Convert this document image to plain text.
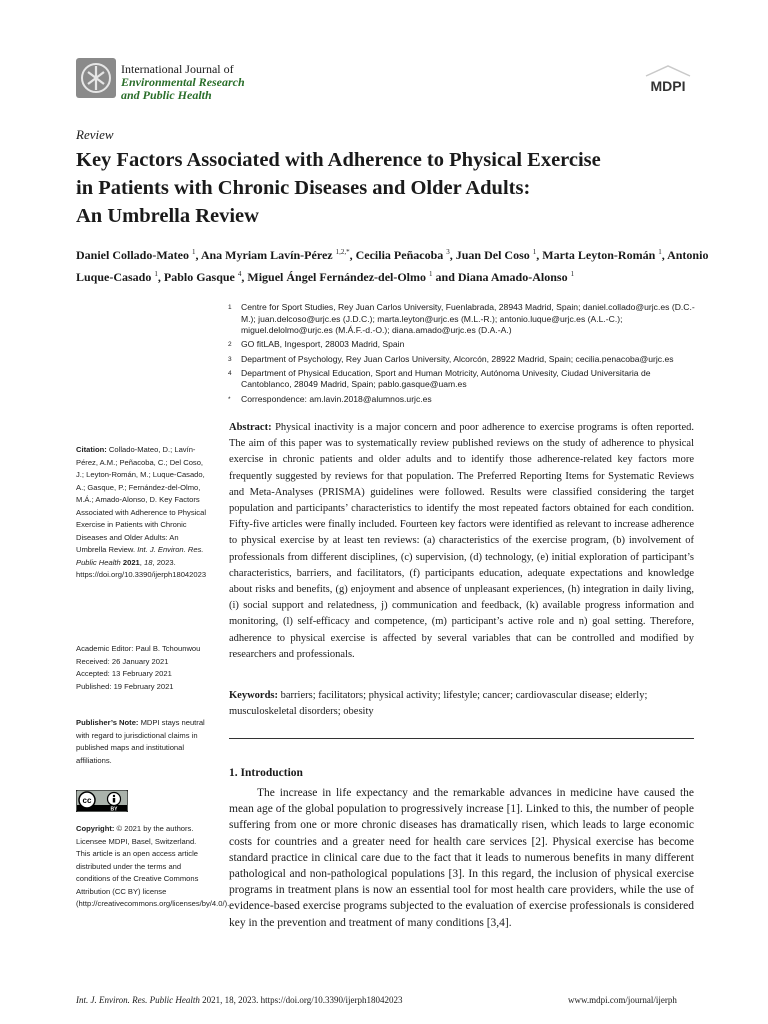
International Journal of
Environmental Research
and Public Health
MDPI
Review
Key Factors Associated with Adherence to Physical Exercise
in Patients with Chronic Diseases and Older Adults:
An Umbrella Review
Daniel Collado-Mateo $^1$, Ana Myriam Lavín-Pérez $^{1,2,*}$, Cecilia Peñacoba $^3$, Juan Del Coso $^1$, Marta Leyton-Román $^1$, Antonio Luque-Casado $^1$, Pablo Gasque $^4$, Miguel Ángel Fernández-del-Olmo $^1$ and Diana Amado-Alonso $^1$
1	Centre for Sport Studies, Rey Juan Carlos University, Fuenlabrada, 28943 Madrid, Spain; daniel.collado@urjc.es (D.C.-M.); juan.delcoso@urjc.es (J.D.C.); marta.leyton@urjc.es (M.L.-R.); antonio.luque@urjc.es (A.L.-C.); miguel.delolmo@urjc.es (M.Á.F.-d.-O.); diana.amado@urjc.es (D.A.-A.)
2	GO fitLAB, Ingesport, 28003 Madrid, Spain
3	Department of Psychology, Rey Juan Carlos University, Alcorcón, 28922 Madrid, Spain; cecilia.penacoba@urjc.es
4	Department of Physical Education, Sport and Human Motricity, Autónoma Univesity, Ciudad Universitaria de Cantoblanco, 28049 Madrid, Spain; pablo.gasque@uam.es
*	Correspondence: am.lavin.2018@alumnos.urjc.es
Abstract: Physical inactivity is a major concern and poor adherence to exercise programs is often reported. The aim of this paper was to systematically review published reviews on the study of adherence to physical exercise in chronic patients and older adults and to identify those adherence-related key factors more frequently suggested by reviews for that population. The Preferred Reporting Items for Systematic Reviews and Meta-Analyses (PRISMA) guidelines were followed. Results were classified considering the target population and participants’ characteristics to identify the most repeated factors obtained for each condition. Fifty-five articles were finally included. Fourteen key factors were identified as relevant to increase adherence to physical exercise by at least ten reviews: (a) characteristics of the exercise program, (b) involvement of professionals from different disciplines, (c) supervision, (d) technology, (e) initial exploration of participant’s characteristics, barriers, and facilitators, (f) participants education, adequate expectations and knowledge about risks and benefits, (g) enjoyment and absence of unpleasant experiences, (h) integration in daily living, (i) social support and relatedness, j) communication and feedback, (k) available progress information and monitoring, (l) self-efficacy and competence, (m) participant’s active role and n) goal setting. Therefore, adherence to physical exercise is affected by several variables that can be controlled and modified by researchers and professionals.
Keywords: barriers; facilitators; physical activity; lifestyle; cancer; cardiovascular disease; elderly; musculoskeletal disorders; obesity
1. Introduction
The increase in life expectancy and the remarkable advances in medicine have caused the mean age of the global population to progressively increase [1]. Linked to this, the number of people suffering from one or more chronic diseases has dramatically risen, which leads to large economic costs for countries and a greater need for health care services [2]. Physical exercise has become standard practice in clinical care due to the fact that it leads to numerous benefits in many different pathological and non-pathological populations [3]. In this regard, the inclusion of physical exercise programs in treatment plans is now an essential tool for most health care providers, while the use of evidence-based exercise programs subjected to the evaluation of exercise professionals is considered key in the prevention and treatment of many conditions [3,4].
Citation: Collado-Mateo, D.; Lavín-Pérez, A.M.; Peñacoba, C.; Del Coso, J.; Leyton-Román, M.; Luque-Casado, A.; Gasque, P.; Fernández-del-Olmo, M.Á.; Amado-Alonso, D. Key Factors Associated with Adherence to Physical Exercise in Patients with Chronic Diseases and Older Adults: An Umbrella Review. Int. J. Environ. Res. Public Health 2021, 18, 2023. https://doi.org/10.3390/ijerph18042023
Academic Editor: Paul B. Tchounwou
Received: 26 January 2021
Accepted: 13 February 2021
Published: 19 February 2021
Publisher’s Note: MDPI stays neutral with regard to jurisdictional claims in published maps and institutional affiliations.
cc
BY
Copyright: © 2021 by the authors. Licensee MDPI, Basel, Switzerland. This article is an open access article distributed under the terms and conditions of the Creative Commons Attribution (CC BY) license (http://creativecommons.org/licenses/by/4.0/).
Int. J. Environ. Res. Public Health 2021, 18, 2023. https://doi.org/10.3390/ijerph18042023	www.mdpi.com/journal/ijerph
